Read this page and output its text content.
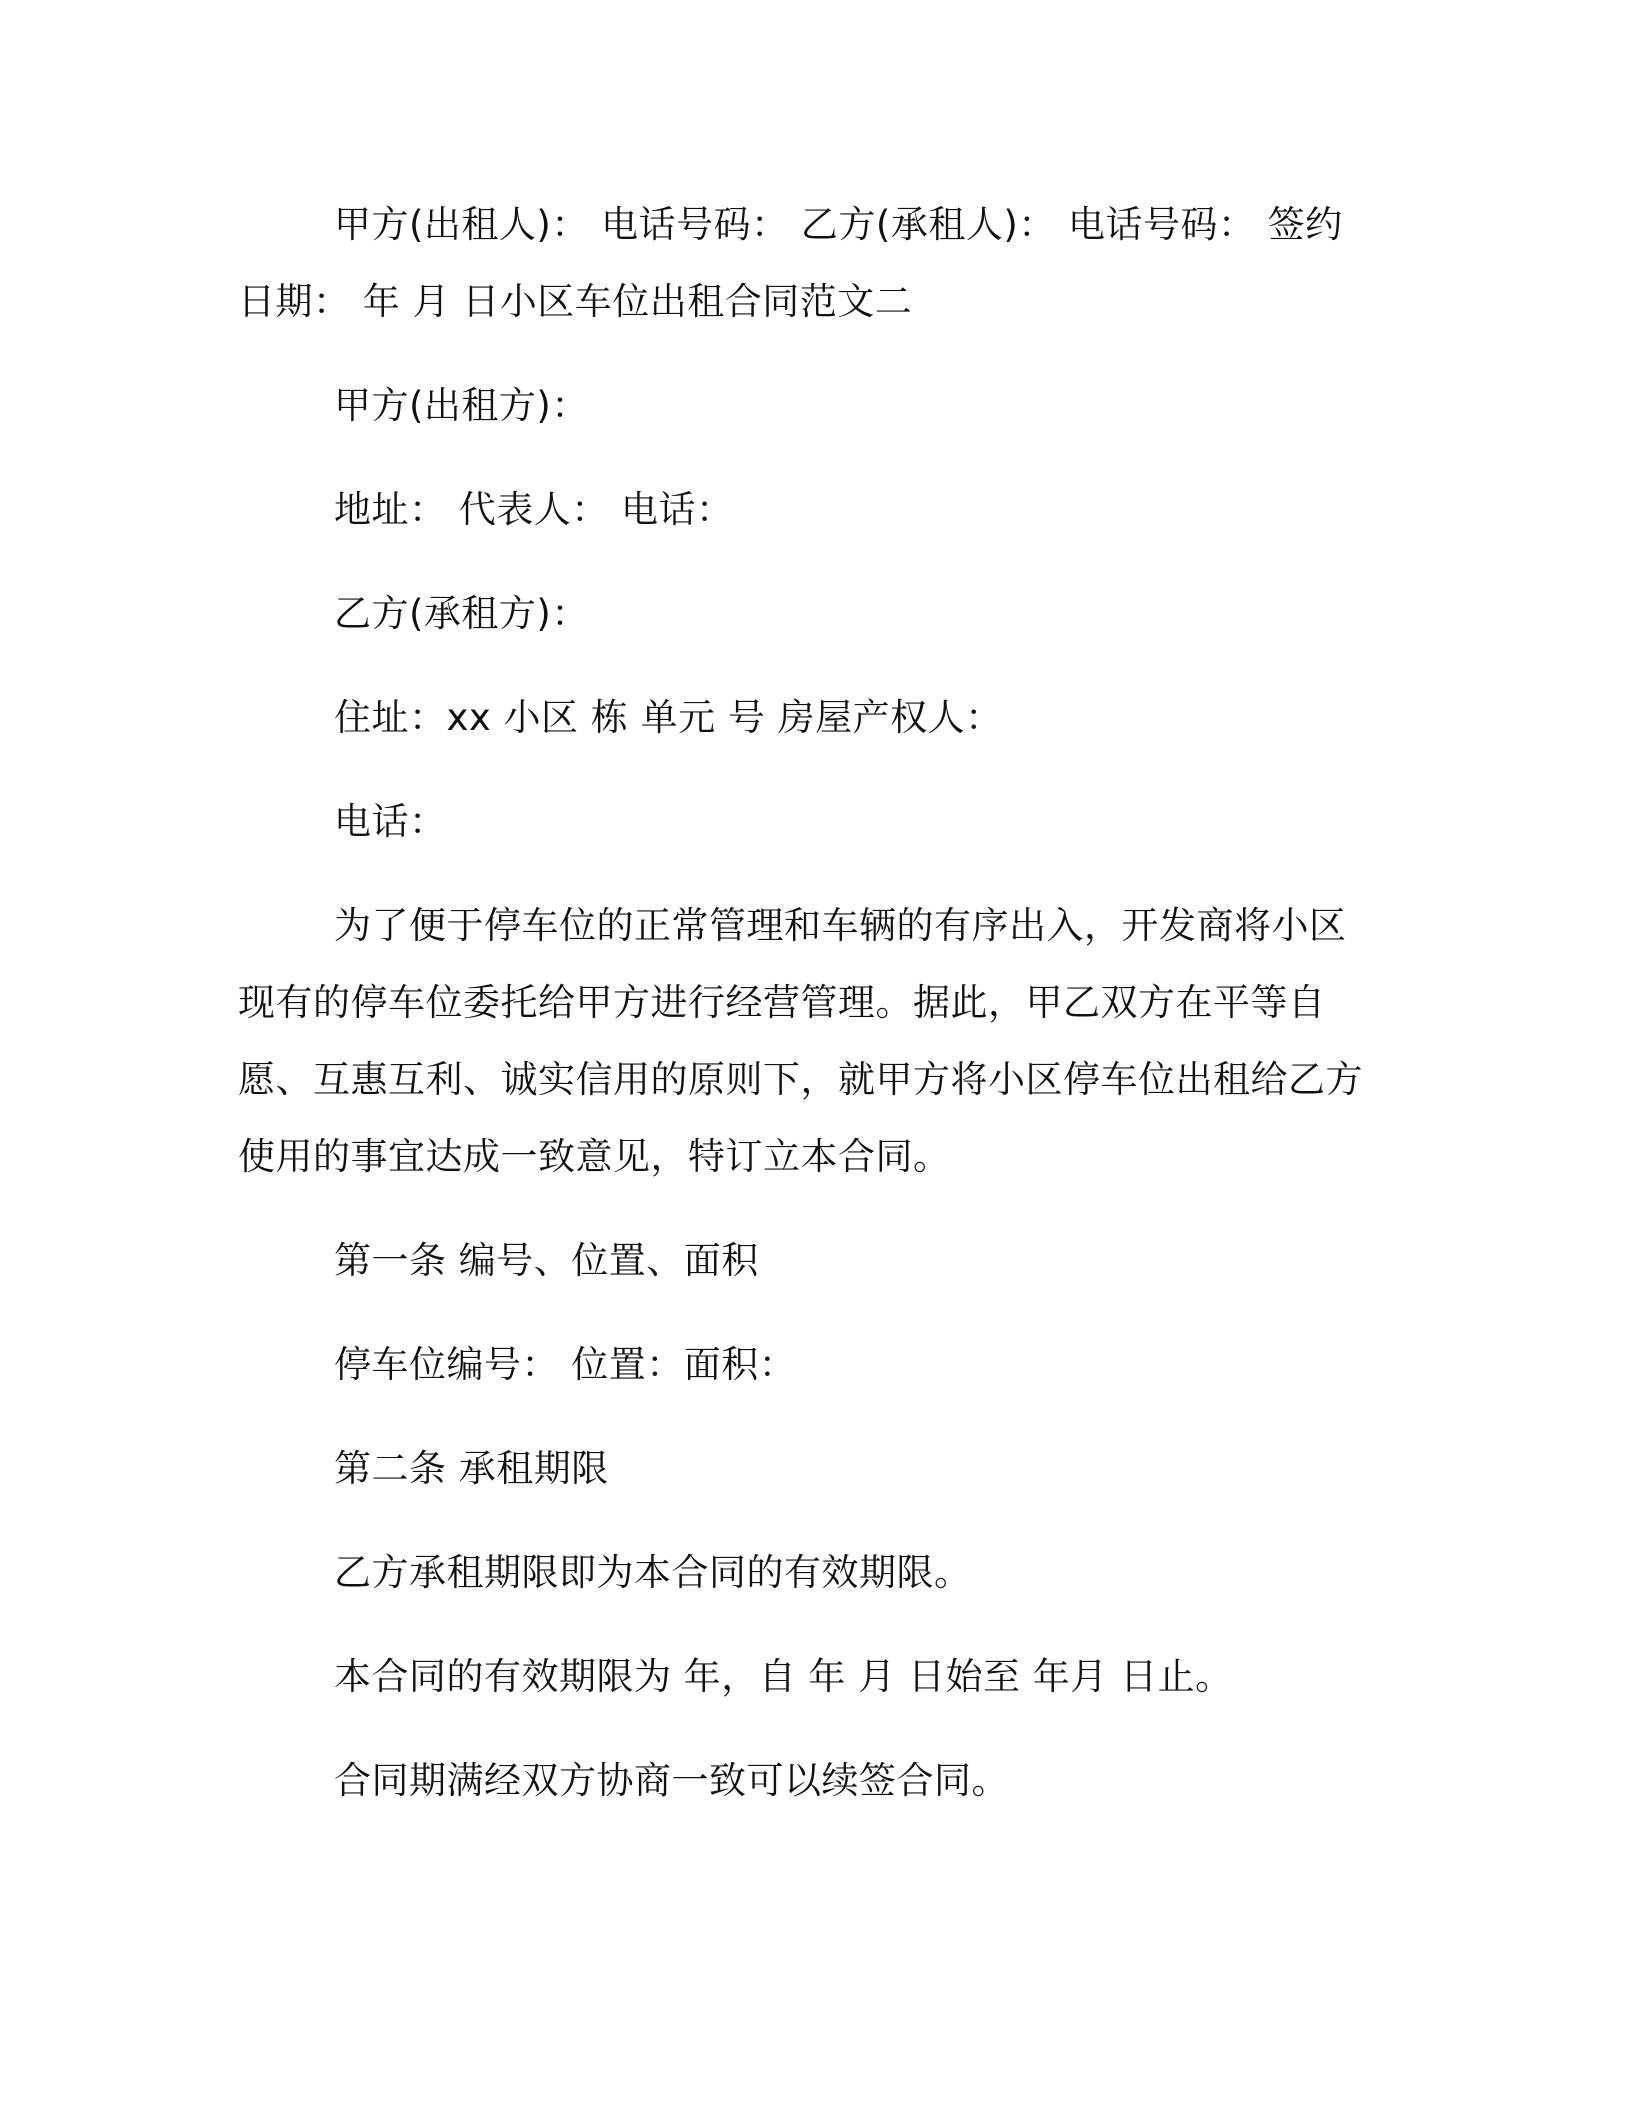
甲方(出租人)： 电话号码： 乙方(承租人)： 电话号码： 签约日期： 年 月 日小区车位出租合同范文二

甲方(出租方)：

地址： 代表人： 电话：

乙方(承租方)：

住址：xx 小区 栋 单元 号 房屋产权人：

电话：

为了便于停车位的正常管理和车辆的有序出入，开发商将小区现有的停车位委托给甲方进行经营管理。据此，甲乙双方在平等自愿、互惠互利、诚实信用的原则下，就甲方将小区停车位出租给乙方使用的事宜达成一致意见，特订立本合同。

第一条 编号、位置、面积

停车位编号： 位置：面积：

第二条 承租期限

乙方承租期限即为本合同的有效期限。

本合同的有效期限为 年，自 年 月 日始至 年月 日止。

合同期满经双方协商一致可以续签合同。
